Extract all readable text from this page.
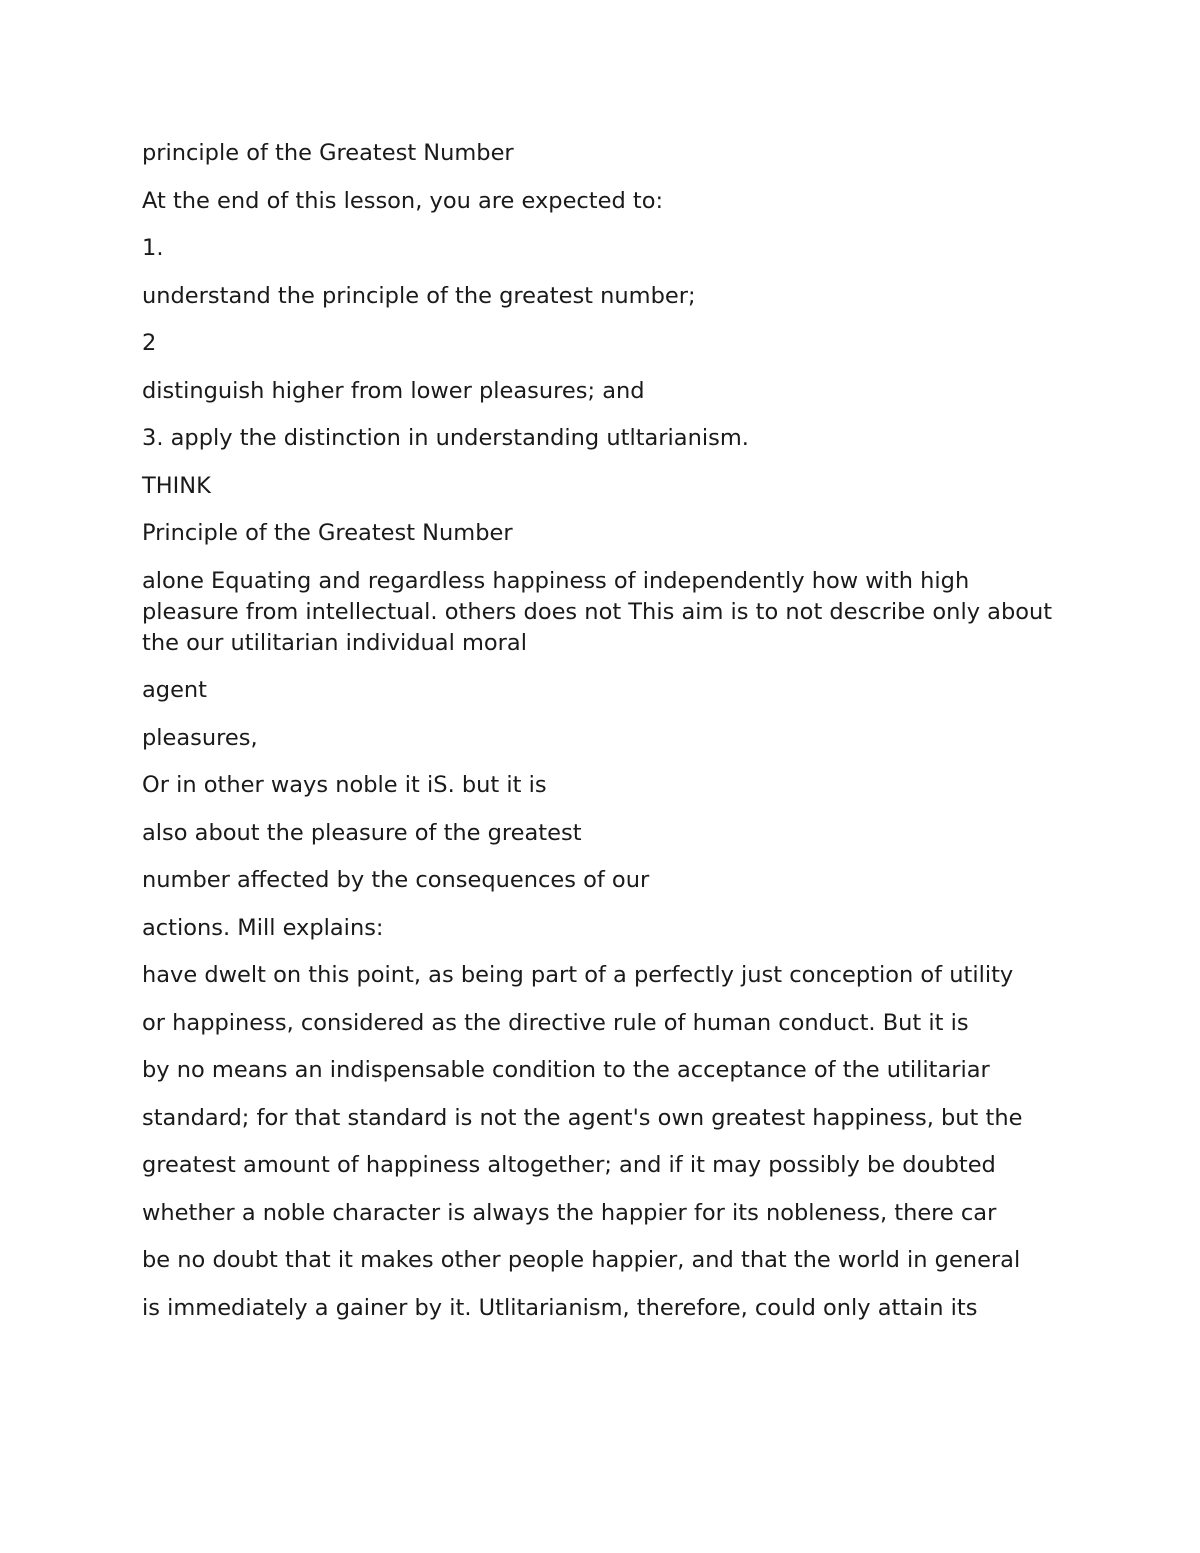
principle of the Greatest Number

At the end of this lesson, you are expected to:

1.

understand the principle of the greatest number;

2

distinguish higher from lower pleasures; and

3. apply the distinction in understanding utltarianism.

THINK

Principle of the Greatest Number

alone Equating and regardless happiness of independently how with high pleasure from intellectual. others does not This aim is to not describe only about the our utilitarian individual moral

agent

pleasures,

Or in other ways noble it iS. but it is

also about the pleasure of the greatest

number affected by the consequences of our

actions. Mill explains:

have dwelt on this point, as being part of a perfectly just conception of utility

or happiness, considered as the directive rule of human conduct. But it is

by no means an indispensable condition to the acceptance of the utilitariar

standard; for that standard is not the agent's own greatest happiness, but the

greatest amount of happiness altogether; and if it may possibly be doubted

whether a noble character is always the happier for its nobleness, there car

be no doubt that it makes other people happier, and that the world in general

is immediately a gainer by it. Utlitarianism, therefore, could only attain its
